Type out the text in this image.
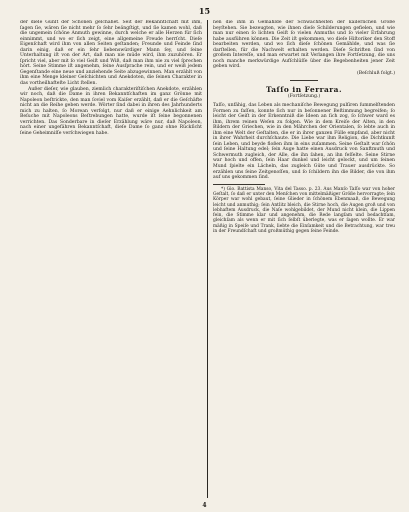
15

der dieſe Gunſt der Schönen geſchähet. Seit der Bekanntſchaft mit ihm, ſagen ſie, wären ſie nicht mehr ſo ſehr beängſtigt, und ſie kamen wohl, daß die ungemein ſchöne Anmuth gewinne, durch welche er alle Herzen für ſich einnimmt, und wo er ſich zeigt, eine allgemeine Freude herrſcht. Dieſe Eigenſchaft wird ihm von allen Seiten geſtanden; Freunde und Feinde ſind darin einig, daß er ein ſehr liebenswürdiger Mann ſey, und ſeine Unterhaltung iſt von der Art, daß man nie müde wird, ihm zuzuhören. Er ſpricht viel, aber mit ſo viel Geiſt und Wiß, daß man ihm nie zu viel ſprechen hört. Seine Stimme iſt angenehm, ſeine Ausſprache rein, und er weiß jedem Gegenſtande eine neue und anziehende Seite abzugewinnen. Man erzählt von ihm eine Menge kleiner Geſchichten und Anekdoten, die ſeinen Charakter in das vortheilhafteſte Licht ſtellen.

Außer dieſer, wie glauben, ziemlich charakteriſtiſchen Anekdote, erzählen wir noch, daß die Dame in ihren Bekanntſchaften im ganz Grönne mit Napoleon beſtrickte, den man ſoviel vom Kaiſer erzählt, daß er die Geſchäfte nicht an die Reihe geben werde. Wörter ſind dabei in ihren des Jahrhunderts mich zu halten, ſo Morean verfolgt, nur daß er einige Aehnlichkeit am Beſuche mit Napoleons Beſtrebungen hatte, wurde iſt ſeine begonnenen verrichten. Das Sonderbare in dieſer Erzählung wäre nur, daß Napoleon, nach einer ungefähren Bekanntſchaft, dieſe Dame ſo ganz ohne Rückſicht ſeine Geheimniſſe verſchwiegen habe.

nen die ihm in Gemählde der Schwachheiten der kaiſerlichen Größe beyſtehen. Sie bezeugten, wie ihnen dieſe Schilderungen gefielen, und wie man nur einen ſo lichten Geiſt ſo vielen Anmuths und ſo vieler Erfahrung habe ausführen können. Die Zeit iſt gekommen, wo dieſe Hiſtoriker den Stoff bearbeiten werden, und wo ſich dieſe ſchönen Gemählde, und was ſie darſtellen, für die Nachwelt erhalten werden. Dieſe Schriften ſind von großem Intereſſe, und man erwartet mit Verlangen ihre Fortſetzung, die uns noch manche merkwürdige Aufſchlüſſe über die Begebenheiten jener Zeit geben wird.

(Beſchluß folgt.)
Taſſo in Ferrara.
(Fortſetzung.)

Taſſo, unfähig, das Leben als mechaniſche Bewegung pulſiren ſummelſtenden Formen zu faſſen, konnte ſich nur in beſonnener Beſtimmung begreifen; ſo leicht der Geiſt in der Erkenntniß die Ideen an ſich zog, ſo ſchwer ward es ihm, ihrem reinen Weſen zu folgen. Wie in dem Kreiſe der Alten, in den Bildern der Griechen, wie in den Mährchen der Orientalen, ſo lebte auch in ihm eine Welt der Geſtalten, die er in ihrer ganzen Fülle empfand, aber nicht in ihrer Wahrheit durchſchaute. Die Liebe war ihm Religion, die Dichtkunſt ſein Leben, und beyde floßen ihm in eins zuſammen. Seine Geſtalt war ſchön und ſeine Haltung edel; ſein Auge hatte einen Ausdruck von Sanftmuth und Schwermuth zugleich, der Alle, die ihn ſahen, an ihn feſſelte. Seine Stirne war hoch und offen, ſein Haar dunkel und leicht gelockt, und um ſeinen Mund ſpielte ein Lächeln, das zugleich Güte und Trauer ausdrückte. So erzählen uns ſeine Zeitgenoſſen, und ſo ſchildern ihn die Bilder, die von ihm auf uns gekommen ſind.

*) Gio. Battista Manso, Vita del Tasso. p. 23. Aus Manſo Taſſo war von hoher Geſtalt, ſo daß er unter den Menſchen von mittelmäßiger Größe hervorragte; ſein Körper war wohl gebaut, ſeine Glieder in ſchönem Ebenmaaß, die Bewegung leicht und anmuthig; ſein Antlitz bleich, die Stirne hoch, die Augen groß und von lebhaftem Ausdruck, die Naſe wohlgebildet, der Mund nicht klein, die Lippen fein, die Stimme klar und angenehm, die Rede langſam und bedachtſam, gleichſam als wenn er mit ſich ſelbſt überlegte, was er ſagen wollte. Er war mäßig in Speiſe und Trank, liebte die Einſamkeit und die Betrachtung, war treu in der Freundſchaft und großmüthig gegen ſeine Feinde.

4
